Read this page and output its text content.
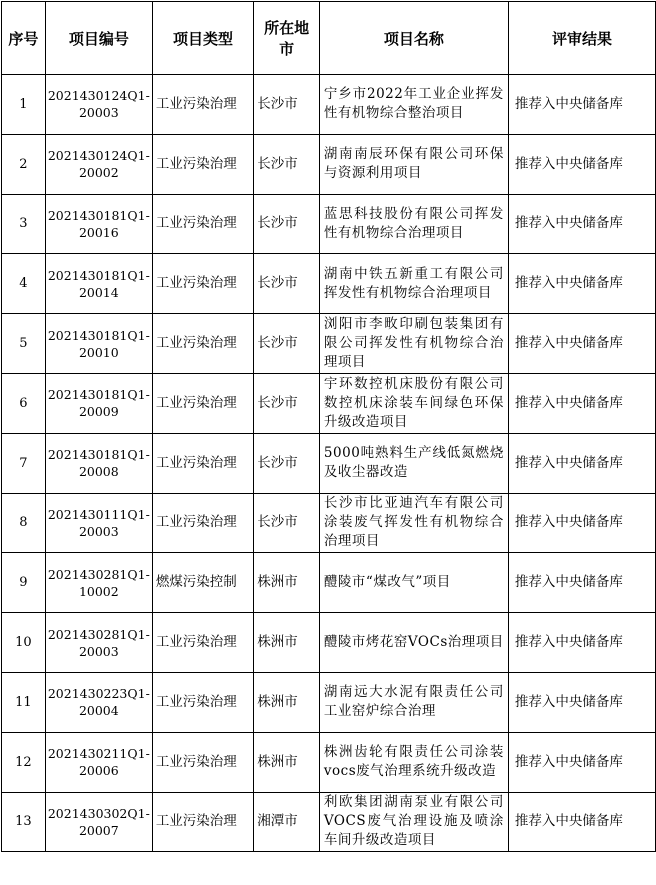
序号	项目编号	项目类型	所在地市	项目名称	评审结果
1	2021430124Q1-20003	工业污染治理	长沙市	宁乡市2022年工业企业挥发性有机物综合整治项目	推荐入中央储备库
2	2021430124Q1-20002	工业污染治理	长沙市	湖南南辰环保有限公司环保与资源利用项目	推荐入中央储备库
3	2021430181Q1-20016	工业污染治理	长沙市	蓝思科技股份有限公司挥发性有机物综合治理项目	推荐入中央储备库
4	2021430181Q1-20014	工业污染治理	长沙市	湖南中铁五新重工有限公司挥发性有机物综合治理项目	推荐入中央储备库
5	2021430181Q1-20010	工业污染治理	长沙市	浏阳市李畋印刷包装集团有限公司挥发性有机物综合治理项目	推荐入中央储备库
6	2021430181Q1-20009	工业污染治理	长沙市	宇环数控机床股份有限公司数控机床涂装车间绿色环保升级改造项目	推荐入中央储备库
7	2021430181Q1-20008	工业污染治理	长沙市	5000吨熟料生产线低氮燃烧及收尘器改造	推荐入中央储备库
8	2021430111Q1-20003	工业污染治理	长沙市	长沙市比亚迪汽车有限公司涂装废气挥发性有机物综合治理项目	推荐入中央储备库
9	2021430281Q1-10002	燃煤污染控制	株洲市	醴陵市“煤改气”项目	推荐入中央储备库
10	2021430281Q1-20003	工业污染治理	株洲市	醴陵市烤花窑VOCs治理项目	推荐入中央储备库
11	2021430223Q1-20004	工业污染治理	株洲市	湖南远大水泥有限责任公司工业窑炉综合治理	推荐入中央储备库
12	2021430211Q1-20006	工业污染治理	株洲市	株洲齿轮有限责任公司涂装vocs废气治理系统升级改造	推荐入中央储备库
13	2021430302Q1-20007	工业污染治理	湘潭市	利欧集团湖南泵业有限公司VOCS废气治理设施及喷涂车间升级改造项目	推荐入中央储备库
